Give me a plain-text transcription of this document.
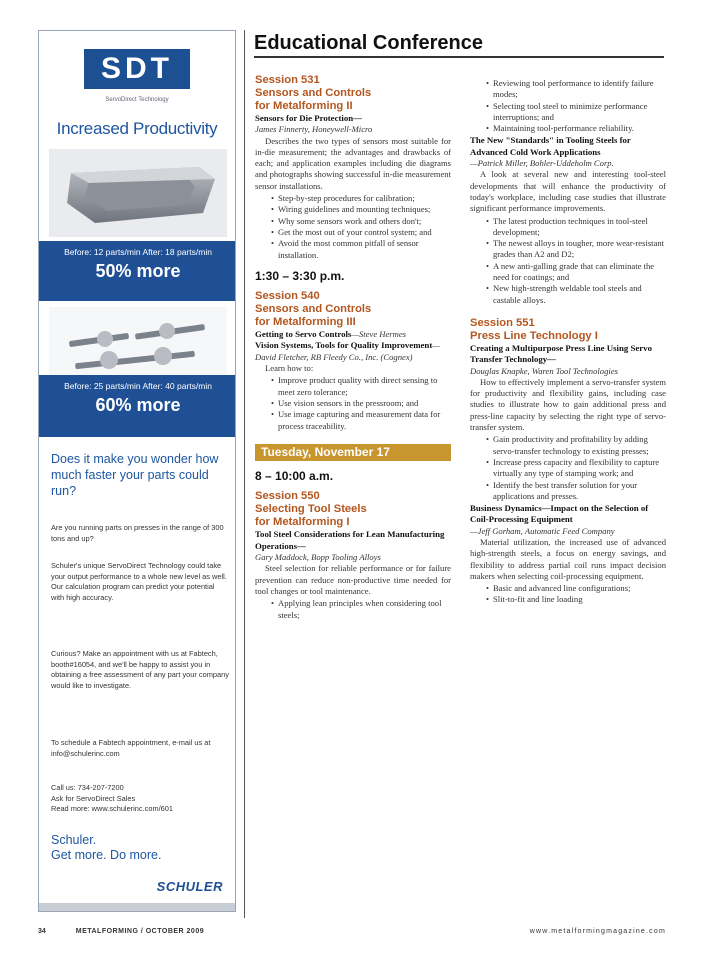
SDT
ServoDirect Technology
Increased Productivity
Before: 12 parts/min After: 18 parts/min
50% more
Before: 25 parts/min After: 40 parts/min
60% more
Does it make you wonder how much faster your parts could run?
Are you running parts on presses in the range of 300 tons and up?
Schuler's unique ServoDirect Technology could take your output performance to a whole new level as well. Our calculation program can predict your potential with high accuracy.
Curious? Make an appointment with us at Fabtech, booth#16054, and we'll be happy to assist you in obtaining a free assessment of any part your company would like to investigate.
To schedule a Fabtech appointment, e-mail us at info@schulerinc.com
Call us: 734-207-7200
Ask for ServoDirect Sales
Read more: www.schulerinc.com/601
Schuler.
Get more. Do more.
SCHULER
Educational Conference
Session 531
Sensors and Controls
for Metalforming II
Sensors for Die Protection—
James Finnerty, Honeywell-Micro
Describes the two types of sensors most suitable for in-die measurement; the advantages and drawbacks of each; and application examples including die diagrams and photographs showing successful in-die measurement sensor installations.
• Step-by-step procedures for calibration;
• Wiring guidelines and mounting techniques;
• Why some sensors work and others don't;
• Get the most out of your control system; and
• Avoid the most common pitfall of sensor installation.
1:30 – 3:30 p.m.
Session 540
Sensors and Controls
for Metalforming III
Getting to Servo Controls—Steve Hermes
Vision Systems, Tools for Quality Improvement—David Fletcher, RB Fleedy Co., Inc. (Cognex)
Learn how to:
• Improve product quality with direct sensing to meet zero tolerance;
• Use vision sensors in the pressroom; and
• Use image capturing and measurement data for process traceability.
Tuesday, November 17
8 – 10:00 a.m.
Session 550
Selecting Tool Steels
for Metalforming I
Tool Steel Considerations for Lean Manufacturing Operations—
Gary Maddock, Bopp Tooling Alloys
Steel selection for reliable performance or for failure prevention can reduce non-productive time needed for tool changes or tool maintenance.
• Applying lean principles when considering tool steels;
• Reviewing tool performance to identify failure modes;
• Selecting tool steel to minimize performance interruptions; and
• Maintaining tool-performance reliability.
The New "Standards" in Tooling Steels for Advanced Cold Work Applications
—Patrick Miller, Bohler-Uddeholm Corp.
A look at several new and interesting tool-steel developments that will enhance the productivity of today's workplace, including case studies that illustrate significant performance improvements.
• The latest production techniques in tool-steel development;
• The newest alloys in tougher, more wear-resistant grades than A2 and D2;
• A new anti-galling grade that can eliminate the need for coatings; and
• New high-strength weldable tool steels and castable alloys.
Session 551
Press Line Technology I
Creating a Multipurpose Press Line Using Servo Transfer Technology—
Douglas Knapke, Waren Tool Technologies
How to effectively implement a servo-transfer system for productivity and flexibility gains, including case studies to illustrate how to gain additional press and press-line capacity by selecting the right type of servo-transfer system.
• Gain productivity and profitability by adding servo-transfer technology to existing presses;
• Increase press capacity and flexibility to capture virtually any type of stamping work; and
• Identify the best transfer solution for your applications and presses.
Business Dynamics—Impact on the Selection of Coil-Processing Equipment
—Jeff Gorham, Automatic Feed Company
Material utilization, the increased use of advanced high-strength steels, a focus on energy savings, and flexibility to address partial coil runs impact decision makers when selecting coil-processing equipment.
• Basic and advanced line configurations;
• Slit-to-fit and line loading
34	METALFORMING / OCTOBER 2009	www.metalformingmagazine.com
